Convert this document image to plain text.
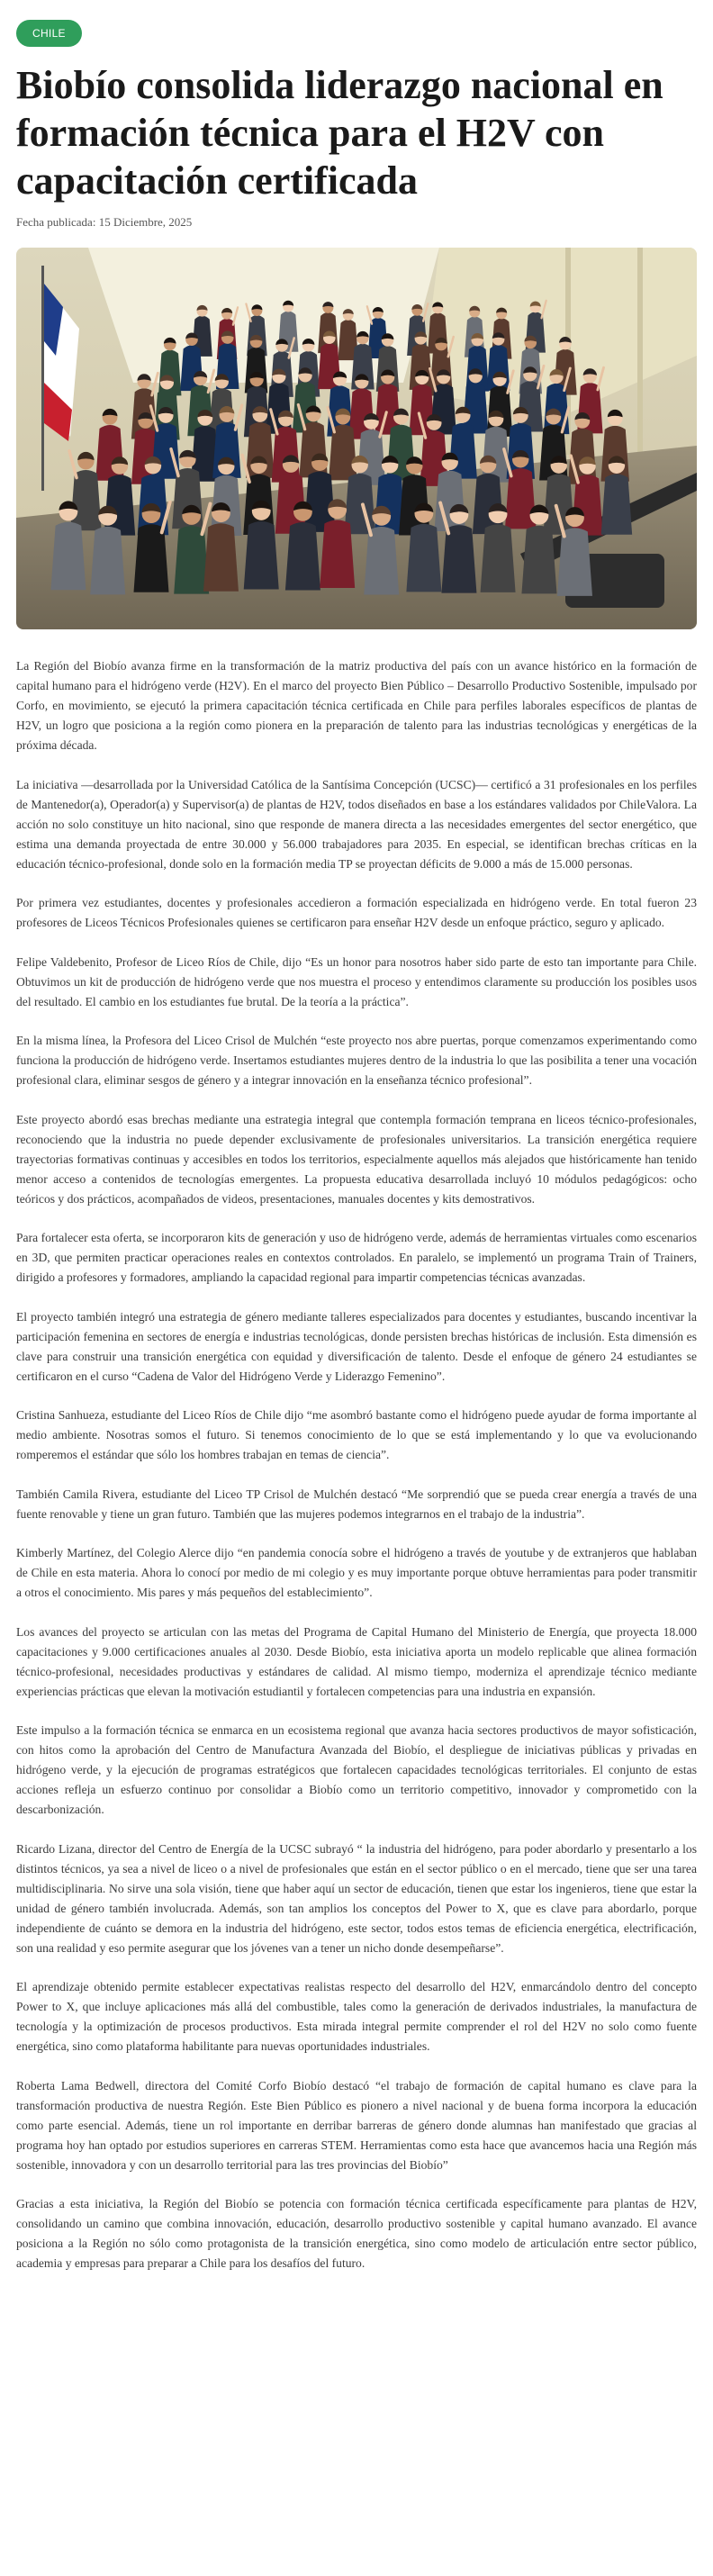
CHILE
Biobío consolida liderazgo nacional en formación técnica para el H2V con capacitación certificada
Fecha publicada: 15 Diciembre, 2025

La Región del Biobío avanza firme en la transformación de la matriz productiva del país con un avance histórico en la formación de capital humano para el hidrógeno verde (H2V). En el marco del proyecto Bien Público – Desarrollo Productivo Sostenible, impulsado por Corfo, en movimiento, se ejecutó la primera capacitación técnica certificada en Chile para perfiles laborales específicos de plantas de H2V, un logro que posiciona a la región como pionera en la preparación de talento para las industrias tecnológicas y energéticas de la próxima década.

La iniciativa —desarrollada por la Universidad Católica de la Santísima Concepción (UCSC)— certificó a 31 profesionales en los perfiles de Mantenedor(a), Operador(a) y Supervisor(a) de plantas de H2V, todos diseñados en base a los estándares validados por ChileValora. La acción no solo constituye un hito nacional, sino que responde de manera directa a las necesidades emergentes del sector energético, que estima una demanda proyectada de entre 30.000 y 56.000 trabajadores para 2035. En especial, se identifican brechas críticas en la educación técnico-profesional, donde solo en la formación media TP se proyectan déficits de 9.000 a más de 15.000 personas.

Por primera vez estudiantes, docentes y profesionales accedieron a formación especializada en hidrógeno verde. En total fueron 23 profesores de Liceos Técnicos Profesionales quienes se certificaron para enseñar H2V desde un enfoque práctico, seguro y aplicado.

Felipe Valdebenito, Profesor de Liceo Ríos de Chile, dijo “Es un honor para nosotros haber sido parte de esto tan importante para Chile. Obtuvimos un kit de producción de hidrógeno verde que nos muestra el proceso y entendimos claramente su producción los posibles usos del resultado. El cambio en los estudiantes fue brutal. De la teoría a la práctica”.

En la misma línea, la Profesora del Liceo Crisol de Mulchén “este proyecto nos abre puertas, porque comenzamos experimentando como funciona la producción de hidrógeno verde. Insertamos estudiantes mujeres dentro de la industria lo que las posibilita a tener una vocación profesional clara, eliminar sesgos de género y a integrar innovación en la enseñanza técnico profesional”.

Este proyecto abordó esas brechas mediante una estrategia integral que contempla formación temprana en liceos técnico-profesionales, reconociendo que la industria no puede depender exclusivamente de profesionales universitarios. La transición energética requiere trayectorias formativas continuas y accesibles en todos los territorios, especialmente aquellos más alejados que históricamente han tenido menor acceso a contenidos de tecnologías emergentes. La propuesta educativa desarrollada incluyó 10 módulos pedagógicos: ocho teóricos y dos prácticos, acompañados de videos, presentaciones, manuales docentes y kits demostrativos.

Para fortalecer esta oferta, se incorporaron kits de generación y uso de hidrógeno verde, además de herramientas virtuales como escenarios en 3D, que permiten practicar operaciones reales en contextos controlados. En paralelo, se implementó un programa Train of Trainers, dirigido a profesores y formadores, ampliando la capacidad regional para impartir competencias técnicas avanzadas.

El proyecto también integró una estrategia de género mediante talleres especializados para docentes y estudiantes, buscando incentivar la participación femenina en sectores de energía e industrias tecnológicas, donde persisten brechas históricas de inclusión. Esta dimensión es clave para construir una transición energética con equidad y diversificación de talento. Desde el enfoque de género 24 estudiantes se certificaron en el curso “Cadena de Valor del Hidrógeno Verde y Liderazgo Femenino”.

Cristina Sanhueza, estudiante del Liceo Ríos de Chile dijo “me asombró bastante como el hidrógeno puede ayudar de forma importante al medio ambiente. Nosotras somos el futuro. Si tenemos conocimiento de lo que se está implementando y lo que va evolucionando romperemos el estándar que sólo los hombres trabajan en temas de ciencia”.

También Camila Rivera, estudiante del Liceo TP Crisol de Mulchén destacó “Me sorprendió que se pueda crear energía a través de una fuente renovable y tiene un gran futuro. También que las mujeres podemos integrarnos en el trabajo de la industria”.

Kimberly Martínez, del Colegio Alerce dijo “en pandemia conocía sobre el hidrógeno a través de youtube y de extranjeros que hablaban de Chile en esta materia. Ahora lo conocí por medio de mi colegio y es muy importante porque obtuve herramientas para poder transmitir a otros el conocimiento. Mis pares y más pequeños del establecimiento”.

Los avances del proyecto se articulan con las metas del Programa de Capital Humano del Ministerio de Energía, que proyecta 18.000 capacitaciones y 9.000 certificaciones anuales al 2030. Desde Biobío, esta iniciativa aporta un modelo replicable que alinea formación técnico-profesional, necesidades productivas y estándares de calidad. Al mismo tiempo, moderniza el aprendizaje técnico mediante experiencias prácticas que elevan la motivación estudiantil y fortalecen competencias para una industria en expansión.

Este impulso a la formación técnica se enmarca en un ecosistema regional que avanza hacia sectores productivos de mayor sofisticación, con hitos como la aprobación del Centro de Manufactura Avanzada del Biobío, el despliegue de iniciativas públicas y privadas en hidrógeno verde, y la ejecución de programas estratégicos que fortalecen capacidades tecnológicas territoriales. El conjunto de estas acciones refleja un esfuerzo continuo por consolidar a Biobío como un territorio competitivo, innovador y comprometido con la descarbonización.

Ricardo Lizana, director del Centro de Energía de la UCSC subrayó “ la industria del hidrógeno, para poder abordarlo y presentarlo a los distintos técnicos, ya sea a nivel de liceo o a nivel de profesionales que están en el sector público o en el mercado, tiene que ser una tarea multidisciplinaria. No sirve una sola visión, tiene que haber aquí un sector de educación, tienen que estar los ingenieros, tiene que estar la unidad de género también involucrada. Además, son tan amplios los conceptos del Power to X, que es clave para abordarlo, porque independiente de cuánto se demora en la industria del hidrógeno, este sector, todos estos temas de eficiencia energética, electrificación, son una realidad y eso permite asegurar que los jóvenes van a tener un nicho donde desempeñarse”.

El aprendizaje obtenido permite establecer expectativas realistas respecto del desarrollo del H2V, enmarcándolo dentro del concepto Power to X, que incluye aplicaciones más allá del combustible, tales como la generación de derivados industriales, la manufactura de tecnología y la optimización de procesos productivos. Esta mirada integral permite comprender el rol del H2V no solo como fuente energética, sino como plataforma habilitante para nuevas oportunidades industriales.

Roberta Lama Bedwell, directora del Comité Corfo Biobío destacó “el trabajo de formación de capital humano es clave para la transformación productiva de nuestra Región. Este Bien Público es pionero a nivel nacional y de buena forma incorpora la educación como parte esencial. Además, tiene un rol importante en derribar barreras de género donde alumnas han manifestado que gracias al programa hoy han optado por estudios superiores en carreras STEM. Herramientas como esta hace que avancemos hacia una Región más sostenible, innovadora y con un desarrollo territorial para las tres provincias del Biobío”

Gracias a esta iniciativa, la Región del Biobío se potencia con formación técnica certificada específicamente para plantas de H2V, consolidando un camino que combina innovación, educación, desarrollo productivo sostenible y capital humano avanzado. El avance posiciona a la Región no sólo como protagonista de la transición energética, sino como modelo de articulación entre sector público, academia y empresas para preparar a Chile para los desafíos del futuro.
